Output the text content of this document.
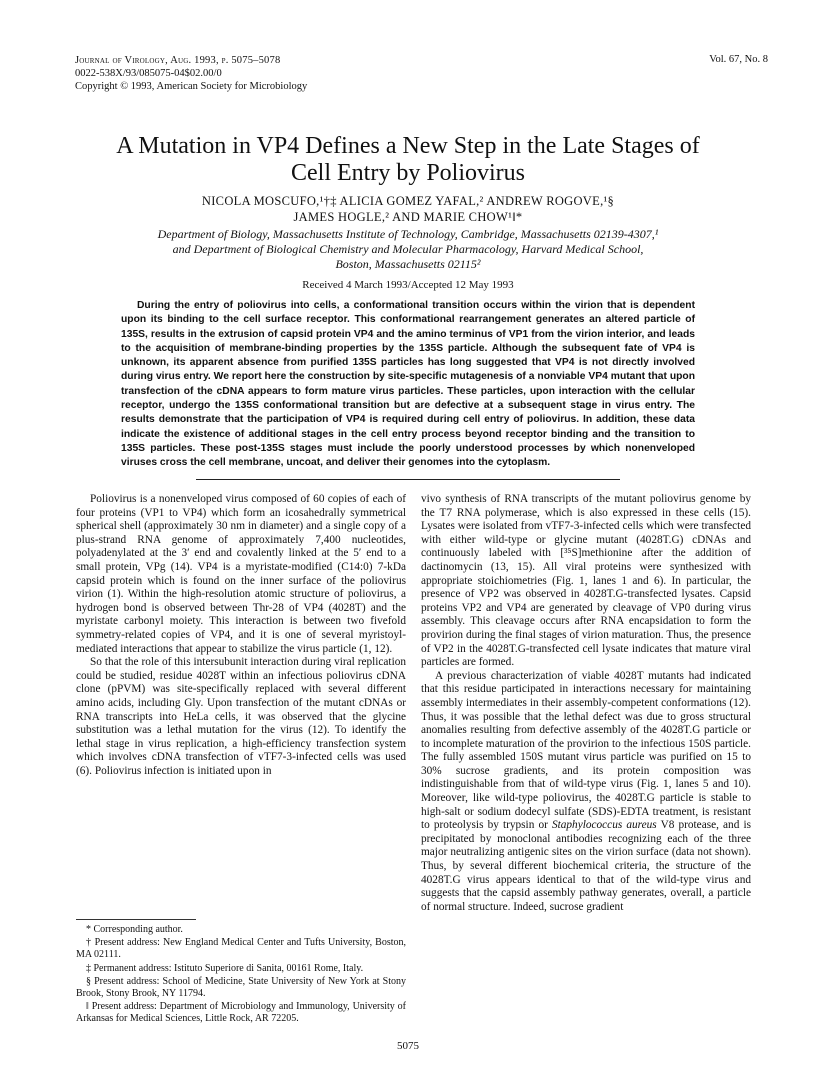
Journal of Virology, Aug. 1993, p. 5075–5078
0022-538X/93/085075-04$02.00/0
Copyright © 1993, American Society for Microbiology
Vol. 67, No. 8
A Mutation in VP4 Defines a New Step in the Late Stages of Cell Entry by Poliovirus
NICOLA MOSCUFO,¹†‡ ALICIA GOMEZ YAFAL,² ANDREW ROGOVE,¹§
JAMES HOGLE,² AND MARIE CHOW¹‖*
Department of Biology, Massachusetts Institute of Technology, Cambridge, Massachusetts 02139-4307,¹
and Department of Biological Chemistry and Molecular Pharmacology, Harvard Medical School,
Boston, Massachusetts 02115²
Received 4 March 1993/Accepted 12 May 1993

During the entry of poliovirus into cells, a conformational transition occurs within the virion that is dependent upon its binding to the cell surface receptor. This conformational rearrangement generates an altered particle of 135S, results in the extrusion of capsid protein VP4 and the amino terminus of VP1 from the virion interior, and leads to the acquisition of membrane-binding properties by the 135S particle. Although the subsequent fate of VP4 is unknown, its apparent absence from purified 135S particles has long suggested that VP4 is not directly involved during virus entry. We report here the construction by site-specific mutagenesis of a nonviable VP4 mutant that upon transfection of the cDNA appears to form mature virus particles. These particles, upon interaction with the cellular receptor, undergo the 135S conformational transition but are defective at a subsequent stage in virus entry. The results demonstrate that the participation of VP4 is required during cell entry of poliovirus. In addition, these data indicate the existence of additional stages in the cell entry process beyond receptor binding and the transition to 135S particles. These post-135S stages must include the poorly understood processes by which nonenveloped viruses cross the cell membrane, uncoat, and deliver their genomes into the cytoplasm.

Poliovirus is a nonenveloped virus composed of 60 copies of each of four proteins (VP1 to VP4) which form an icosahedrally symmetrical spherical shell (approximately 30 nm in diameter) and a single copy of a plus-strand RNA genome of approximately 7,400 nucleotides, polyadenylated at the 3′ end and covalently linked at the 5′ end to a small protein, VPg (14). VP4 is a myristate-modified (C14:0) 7-kDa capsid protein which is found on the inner surface of the poliovirus virion (1). Within the high-resolution atomic structure of poliovirus, a hydrogen bond is observed between Thr-28 of VP4 (4028T) and the myristate carbonyl moiety. This interaction is between two fivefold symmetry-related copies of VP4, and it is one of several myristoyl-mediated interactions that appear to stabilize the virus particle (1, 12).

So that the role of this intersubunit interaction during viral replication could be studied, residue 4028T within an infectious poliovirus cDNA clone (pPVM) was site-specifically replaced with several different amino acids, including Gly. Upon transfection of the mutant cDNAs or RNA transcripts into HeLa cells, it was observed that the glycine substitution was a lethal mutation for the virus (12). To identify the lethal stage in virus replication, a high-efficiency transfection system which involves cDNA transfection of vTF7-3-infected cells was used (6). Poliovirus infection is initiated upon in

vivo synthesis of RNA transcripts of the mutant poliovirus genome by the T7 RNA polymerase, which is also expressed in these cells (15). Lysates were isolated from vTF7-3-infected cells which were transfected with either wild-type or glycine mutant (4028T.G) cDNAs and continuously labeled with [³⁵S]methionine after the addition of dactinomycin (13, 15). All viral proteins were synthesized with appropriate stoichiometries (Fig. 1, lanes 1 and 6). In particular, the presence of VP2 was observed in 4028T.G-transfected lysates. Capsid proteins VP2 and VP4 are generated by cleavage of VP0 during virus assembly. This cleavage occurs after RNA encapsidation to form the provirion during the final stages of virion maturation. Thus, the presence of VP2 in the 4028T.G-transfected cell lysate indicates that mature viral particles are formed.

A previous characterization of viable 4028T mutants had indicated that this residue participated in interactions necessary for maintaining assembly intermediates in their assembly-competent conformations (12). Thus, it was possible that the lethal defect was due to gross structural anomalies resulting from defective assembly of the 4028T.G particle or to incomplete maturation of the provirion to the infectious 150S particle. The fully assembled 150S mutant virus particle was purified on 15 to 30% sucrose gradients, and its protein composition was indistinguishable from that of wild-type virus (Fig. 1, lanes 5 and 10). Moreover, like wild-type poliovirus, the 4028T.G particle is stable to high-salt or sodium dodecyl sulfate (SDS)-EDTA treatment, is resistant to proteolysis by trypsin or Staphylococcus aureus V8 protease, and is precipitated by monoclonal antibodies recognizing each of the three major neutralizing antigenic sites on the virion surface (data not shown). Thus, by several different biochemical criteria, the structure of the 4028T.G virus appears identical to that of the wild-type virus and suggests that the capsid assembly pathway generates, overall, a particle of normal structure. Indeed, sucrose gradient

* Corresponding author.

† Present address: New England Medical Center and Tufts University, Boston, MA 02111.

‡ Permanent address: Istituto Superiore di Sanita, 00161 Rome, Italy.

§ Present address: School of Medicine, State University of New York at Stony Brook, Stony Brook, NY 11794.

‖ Present address: Department of Microbiology and Immunology, University of Arkansas for Medical Sciences, Little Rock, AR 72205.

5075
